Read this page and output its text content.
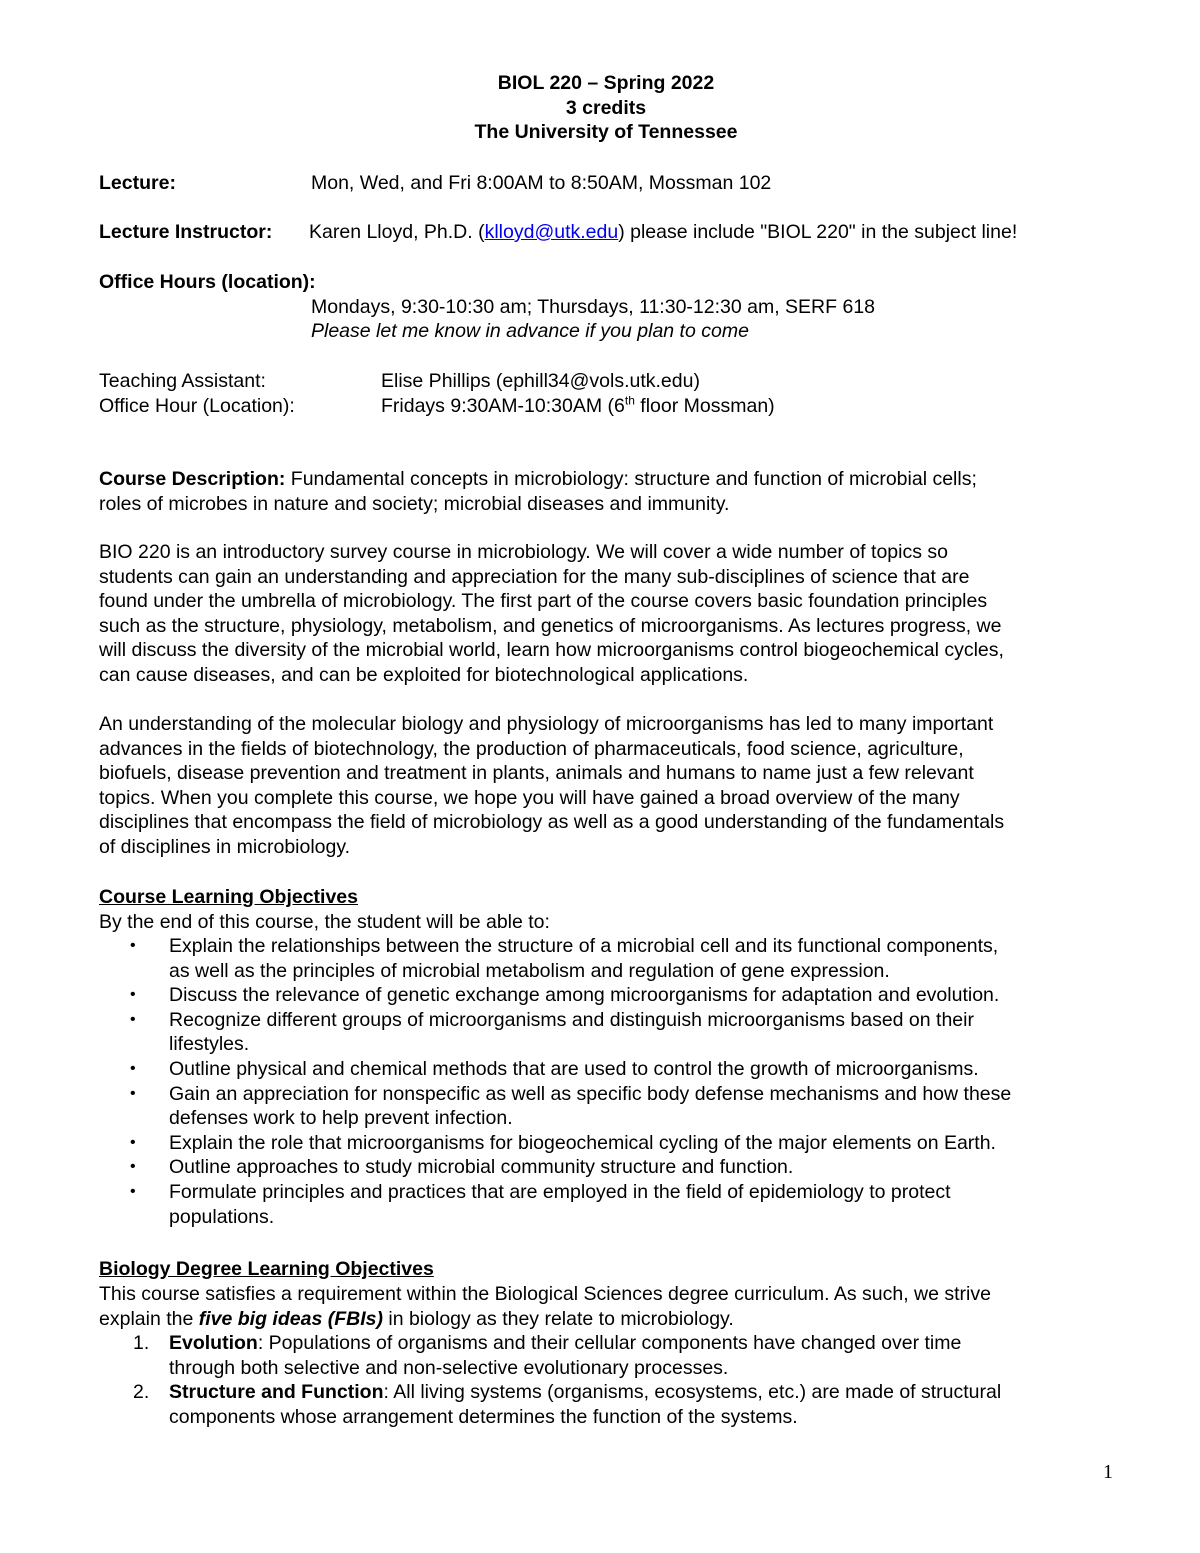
BIOL 220 – Spring 2022
3 credits
The University of Tennessee
Lecture:	Mon, Wed, and Fri 8:00AM to 8:50AM, Mossman 102
Lecture Instructor: Karen Lloyd, Ph.D. (klloyd@utk.edu) please include "BIOL 220" in the subject line!
Office Hours (location):
Mondays, 9:30-10:30 am; Thursdays, 11:30-12:30 am, SERF 618
Please let me know in advance if you plan to come
Teaching Assistant:	Elise Phillips (ephill34@vols.utk.edu)
Office Hour (Location):	Fridays 9:30AM-10:30AM (6th floor Mossman)
Course Description: Fundamental concepts in microbiology: structure and function of microbial cells;
roles of microbes in nature and society; microbial diseases and immunity.
BIO 220 is an introductory survey course in microbiology. We will cover a wide number of topics so
students can gain an understanding and appreciation for the many sub-disciplines of science that are
found under the umbrella of microbiology. The first part of the course covers basic foundation principles
such as the structure, physiology, metabolism, and genetics of microorganisms. As lectures progress, we
will discuss the diversity of the microbial world, learn how microorganisms control biogeochemical cycles,
can cause diseases, and can be exploited for biotechnological applications.
An understanding of the molecular biology and physiology of microorganisms has led to many important
advances in the fields of biotechnology, the production of pharmaceuticals, food science, agriculture,
biofuels, disease prevention and treatment in plants, animals and humans to name just a few relevant
topics. When you complete this course, we hope you will have gained a broad overview of the many
disciplines that encompass the field of microbiology as well as a good understanding of the fundamentals
of disciplines in microbiology.
Course Learning Objectives
By the end of this course, the student will be able to:
• Explain the relationships between the structure of a microbial cell and its functional components,
as well as the principles of microbial metabolism and regulation of gene expression.
• Discuss the relevance of genetic exchange among microorganisms for adaptation and evolution.
• Recognize different groups of microorganisms and distinguish microorganisms based on their
lifestyles.
• Outline physical and chemical methods that are used to control the growth of microorganisms.
• Gain an appreciation for nonspecific as well as specific body defense mechanisms and how these
defenses work to help prevent infection.
• Explain the role that microorganisms for biogeochemical cycling of the major elements on Earth.
• Outline approaches to study microbial community structure and function.
• Formulate principles and practices that are employed in the field of epidemiology to protect
populations.
Biology Degree Learning Objectives
This course satisfies a requirement within the Biological Sciences degree curriculum. As such, we strive
explain the five big ideas (FBIs) in biology as they relate to microbiology.
1. Evolution: Populations of organisms and their cellular components have changed over time
through both selective and non-selective evolutionary processes.
2. Structure and Function: All living systems (organisms, ecosystems, etc.) are made of structural
components whose arrangement determines the function of the systems.
1
